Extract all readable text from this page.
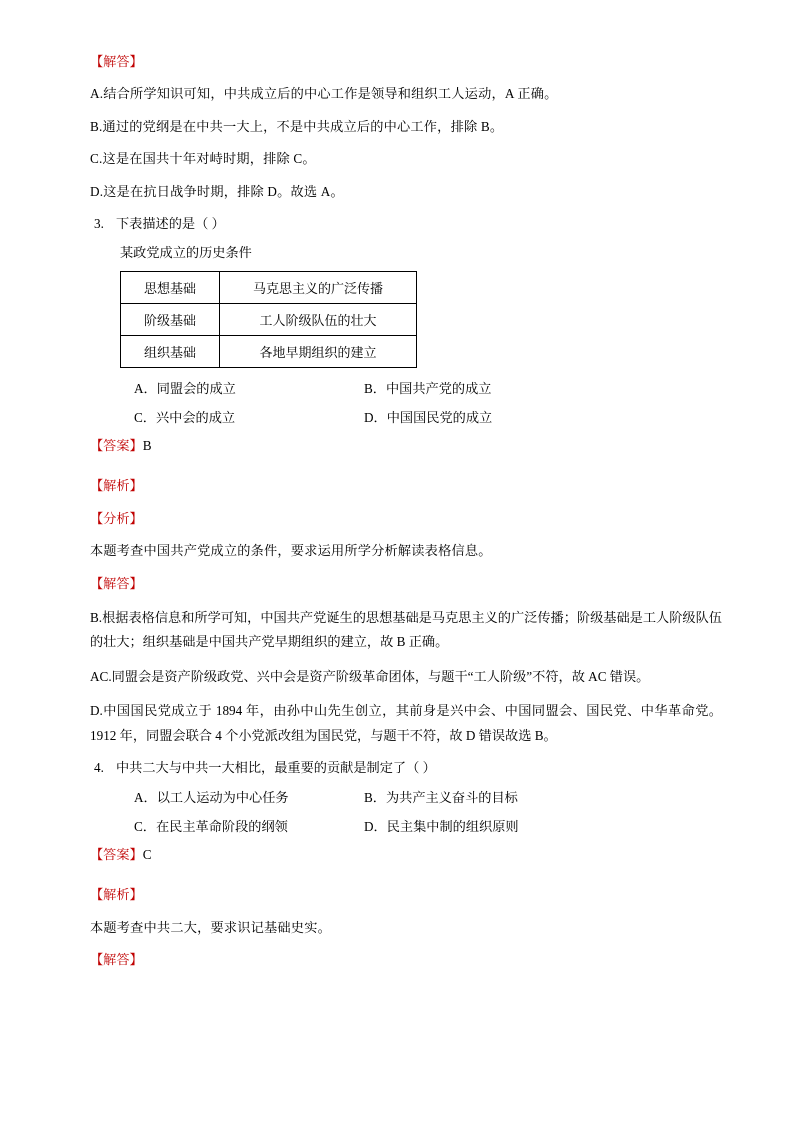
【解答】

A.结合所学知识可知，中共成立后的中心工作是领导和组织工人运动，A 正确。

B.通过的党纲是在中共一大上，不是中共成立后的中心工作，排除 B。

C.这是在国共十年对峙时期，排除 C。

D.这是在抗日战争时期，排除 D。故选 A。

3. 下表描述的是（ ）
某政党成立的历史条件
思想基础	马克思主义的广泛传播
阶级基础	工人阶级队伍的壮大
组织基础	各地早期组织的建立
A．同盟会的成立	B．中国共产党的成立
C．兴中会的成立	D．中国国民党的成立
【答案】B
【解析】
【分析】

本题考查中国共产党成立的条件，要求运用所学分析解读表格信息。

【解答】

B.根据表格信息和所学可知，中国共产党诞生的思想基础是马克思主义的广泛传播；阶级基础是工人阶级队伍的壮大；组织基础是中国共产党早期组织的建立，故 B 正确。

AC.同盟会是资产阶级政党、兴中会是资产阶级革命团体，与题干“工人阶级”不符，故 AC 错误。

D.中国国民党成立于 1894 年，由孙中山先生创立，其前身是兴中会、中国同盟会、国民党、中华革命党。1912 年，同盟会联合 4 个小党派改组为国民党，与题干不符，故 D 错误故选 B。

4. 中共二大与中共一大相比，最重要的贡献是制定了（ ）
A．以工人运动为中心任务	B．为共产主义奋斗的目标
C．在民主革命阶段的纲领	D．民主集中制的组织原则
【答案】C
【解析】

本题考查中共二大，要求识记基础史实。

【解答】
